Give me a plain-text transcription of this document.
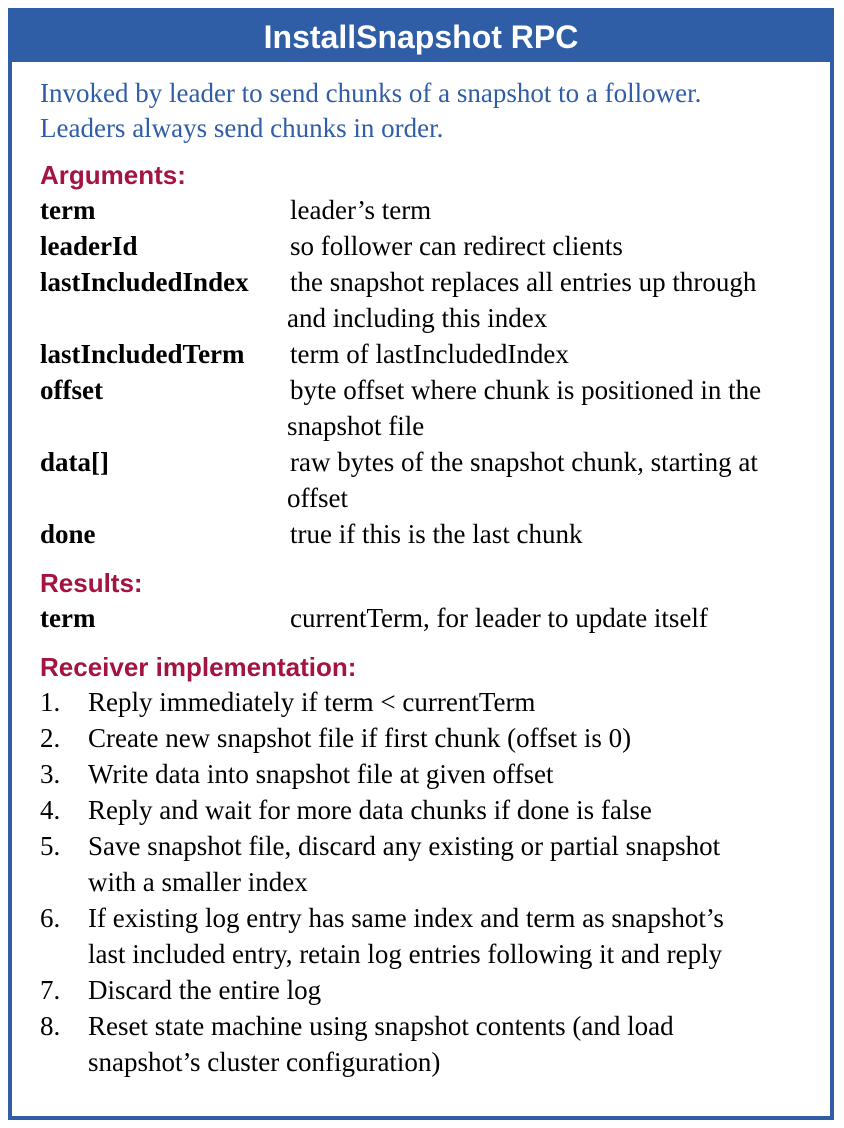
InstallSnapshot RPC
Invoked by leader to send chunks of a snapshot to a follower.
Leaders always send chunks in order.
Arguments:
term	leader’s term
leaderId	so follower can redirect clients
lastIncludedIndex	the snapshot replaces all entries up through
and including this index
lastIncludedTerm	term of lastIncludedIndex
offset	byte offset where chunk is positioned in the
snapshot file
data[]	raw bytes of the snapshot chunk, starting at
offset
done	true if this is the last chunk
Results:
term	currentTerm, for leader to update itself
Receiver implementation:
1.	Reply immediately if term < currentTerm
2.	Create new snapshot file if first chunk (offset is 0)
3.	Write data into snapshot file at given offset
4.	Reply and wait for more data chunks if done is false
5.	Save snapshot file, discard any existing or partial snapshot
with a smaller index
6.	If existing log entry has same index and term as snapshot’s
last included entry, retain log entries following it and reply
7.	Discard the entire log
8.	Reset state machine using snapshot contents (and load
snapshot’s cluster configuration)
